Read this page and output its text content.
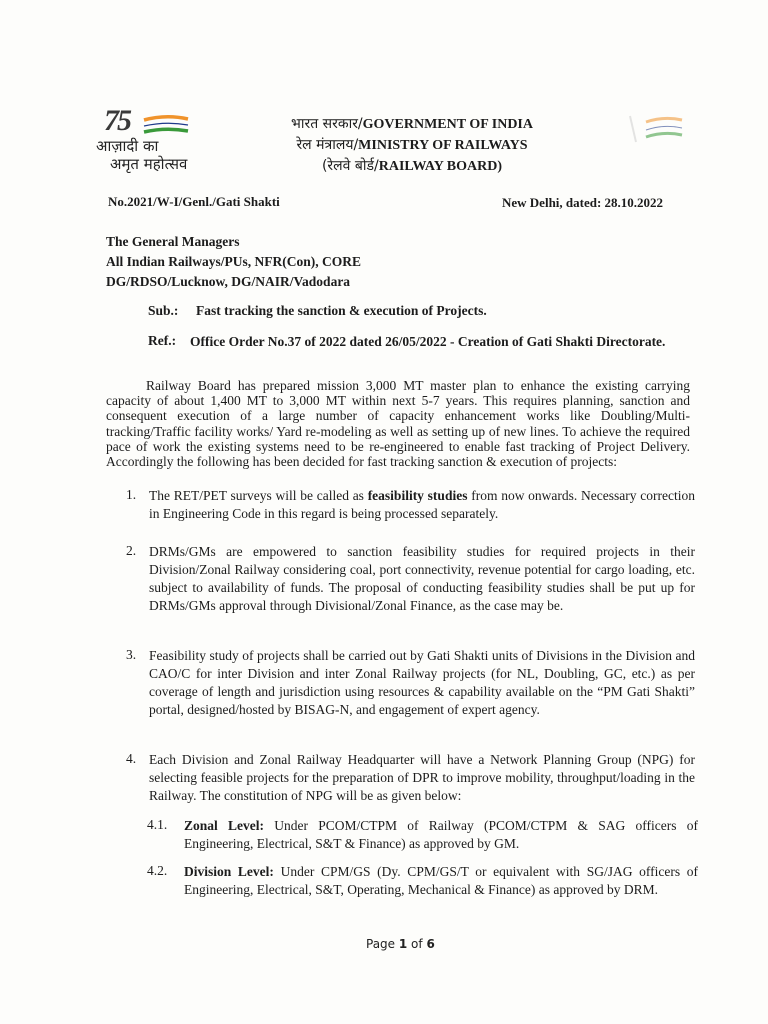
75
आज़ादी का
अमृत महोत्सव
भारत सरकार/GOVERNMENT OF INDIA
रेल मंत्रालय/MINISTRY OF RAILWAYS
(रेलवे बोर्ड/RAILWAY BOARD)
No.2021/W-I/Genl./Gati Shakti	New Delhi, dated: 28.10.2022
The General Managers
All Indian Railways/PUs, NFR(Con), CORE
DG/RDSO/Lucknow, DG/NAIR/Vadodara
Sub.: Fast tracking the sanction & execution of Projects.
Ref.: Office Order No.37 of 2022 dated 26/05/2022 - Creation of Gati Shakti Directorate.
Railway Board has prepared mission 3,000 MT master plan to enhance the existing carrying capacity of about 1,400 MT to 3,000 MT within next 5-7 years. This requires planning, sanction and consequent execution of a large number of capacity enhancement works like Doubling/Multi-tracking/Traffic facility works/ Yard re-modeling as well as setting up of new lines. To achieve the required pace of work the existing systems need to be re-engineered to enable fast tracking of Project Delivery. Accordingly the following has been decided for fast tracking sanction & execution of projects:
1. The RET/PET surveys will be called as feasibility studies from now onwards. Necessary correction in Engineering Code in this regard is being processed separately.
2. DRMs/GMs are empowered to sanction feasibility studies for required projects in their Division/Zonal Railway considering coal, port connectivity, revenue potential for cargo loading, etc. subject to availability of funds. The proposal of conducting feasibility studies shall be put up for DRMs/GMs approval through Divisional/Zonal Finance, as the case may be.
3. Feasibility study of projects shall be carried out by Gati Shakti units of Divisions in the Division and CAO/C for inter Division and inter Zonal Railway projects (for NL, Doubling, GC, etc.) as per coverage of length and jurisdiction using resources & capability available on the “PM Gati Shakti” portal, designed/hosted by BISAG-N, and engagement of expert agency.
4. Each Division and Zonal Railway Headquarter will have a Network Planning Group (NPG) for selecting feasible projects for the preparation of DPR to improve mobility, throughput/loading in the Railway. The constitution of NPG will be as given below:
4.1. Zonal Level: Under PCOM/CTPM of Railway (PCOM/CTPM & SAG officers of Engineering, Electrical, S&T & Finance) as approved by GM.
4.2. Division Level: Under CPM/GS (Dy. CPM/GS/T or equivalent with SG/JAG officers of Engineering, Electrical, S&T, Operating, Mechanical & Finance) as approved by DRM.
Page 1 of 6
